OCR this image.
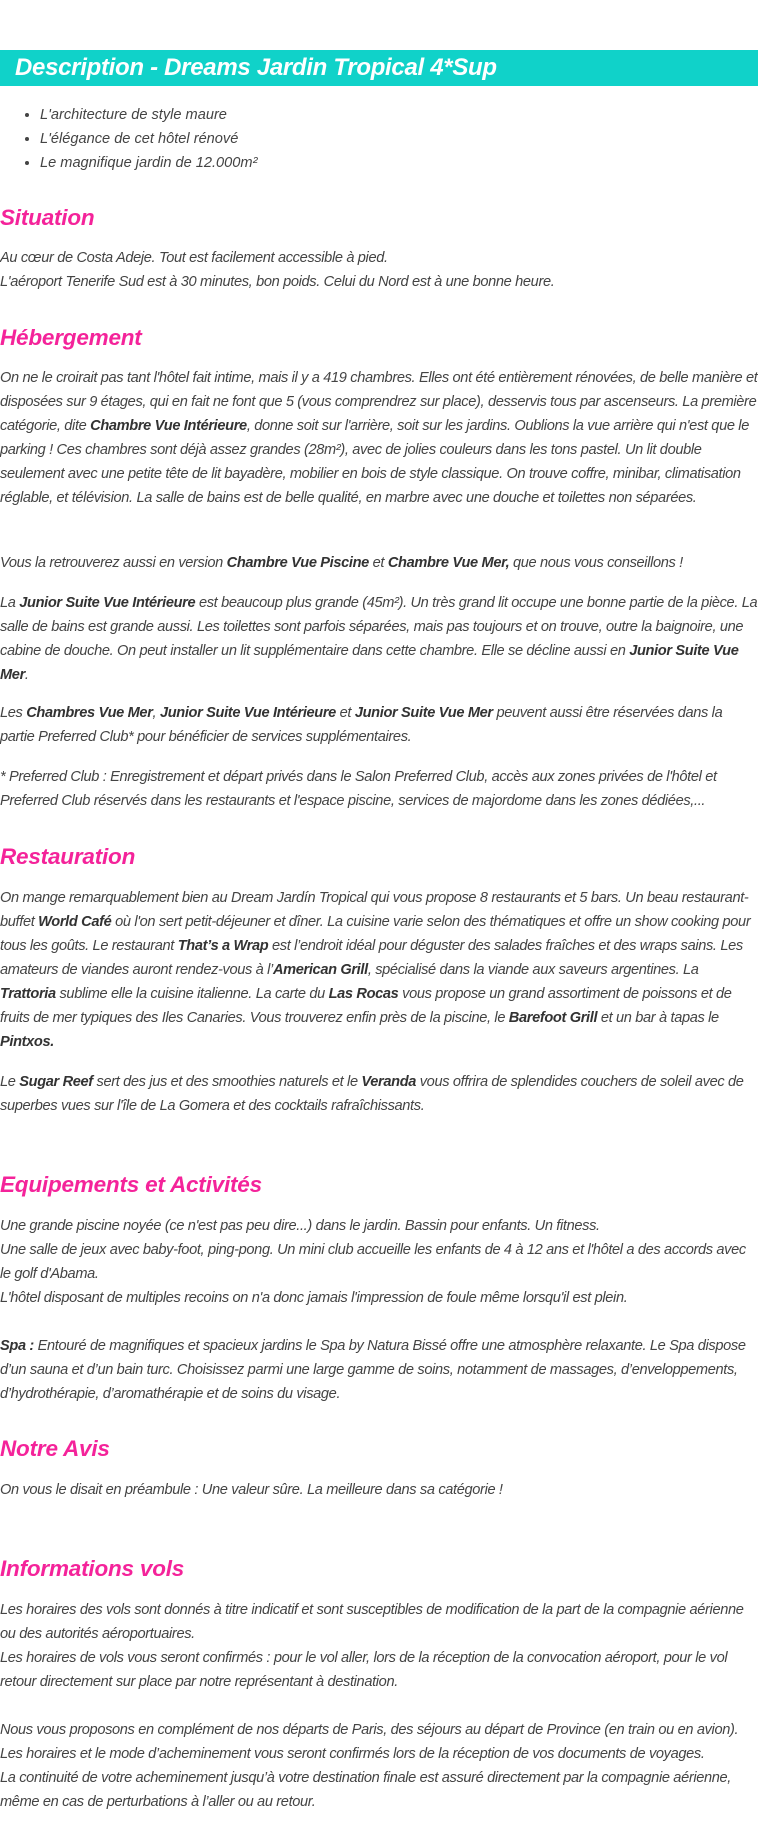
Description - Dreams Jardin Tropical 4*Sup
• L'architecture de style maure
• L'élégance de cet hôtel rénové
• Le magnifique jardin de 12.000m²
Situation

Au cœur de Costa Adeje. Tout est facilement accessible à pied.
L'aéroport Tenerife Sud est à 30 minutes, bon poids. Celui du Nord est à une bonne heure.

Hébergement

On ne le croirait pas tant l'hôtel fait intime, mais il y a 419 chambres. Elles ont été entièrement rénovées, de belle manière et disposées sur 9 étages, qui en fait ne font que 5 (vous comprendrez sur place), desservis tous par ascenseurs. La première catégorie, dite Chambre Vue Intérieure, donne soit sur l'arrière, soit sur les jardins. Oublions la vue arrière qui n'est que le parking ! Ces chambres sont déjà assez grandes (28m²), avec de jolies couleurs dans les tons pastel. Un lit double seulement avec une petite tête de lit bayadère, mobilier en bois de style classique. On trouve coffre, minibar, climatisation réglable, et télévision. La salle de bains est de belle qualité, en marbre avec une douche et toilettes non séparées.

Vous la retrouverez aussi en version Chambre Vue Piscine et Chambre Vue Mer, que nous vous conseillons !

La Junior Suite Vue Intérieure est beaucoup plus grande (45m²). Un très grand lit occupe une bonne partie de la pièce. La salle de bains est grande aussi. Les toilettes sont parfois séparées, mais pas toujours et on trouve, outre la baignoire, une cabine de douche. On peut installer un lit supplémentaire dans cette chambre. Elle se décline aussi en Junior Suite Vue Mer.

Les Chambres Vue Mer, Junior Suite Vue Intérieure et Junior Suite Vue Mer peuvent aussi être réservées dans la partie Preferred Club* pour bénéficier de services supplémentaires.

* Preferred Club : Enregistrement et départ privés dans le Salon Preferred Club, accès aux zones privées de l'hôtel et Preferred Club réservés dans les restaurants et l'espace piscine, services de majordome dans les zones dédiées,...

Restauration

On mange remarquablement bien au Dream Jardín Tropical qui vous propose 8 restaurants et 5 bars. Un beau restaurant-buffet World Café où l'on sert petit-déjeuner et dîner. La cuisine varie selon des thématiques et offre un show cooking pour tous les goûts. Le restaurant That’s a Wrap est l’endroit idéal pour déguster des salades fraîches et des wraps sains. Les amateurs de viandes auront rendez-vous à l’American Grill, spécialisé dans la viande aux saveurs argentines. La Trattoria sublime elle la cuisine italienne. La carte du Las Rocas vous propose un grand assortiment de poissons et de fruits de mer typiques des Iles Canaries. Vous trouverez enfin près de la piscine, le Barefoot Grill et un bar à tapas le Pintxos.

Le Sugar Reef sert des jus et des smoothies naturels et le Veranda vous offrira de splendides couchers de soleil avec de superbes vues sur l'île de La Gomera et des cocktails rafraîchissants.

Equipements et Activités

Une grande piscine noyée (ce n'est pas peu dire...) dans le jardin. Bassin pour enfants. Un fitness.
Une salle de jeux avec baby-foot, ping-pong. Un mini club accueille les enfants de 4 à 12 ans et l'hôtel a des accords avec le golf d'Abama.
L'hôtel disposant de multiples recoins on n'a donc jamais l'impression de foule même lorsqu'il est plein.

Spa : Entouré de magnifiques et spacieux jardins le Spa by Natura Bissé offre une atmosphère relaxante. Le Spa dispose d’un sauna et d’un bain turc. Choisissez parmi une large gamme de soins, notamment de massages, d’enveloppements, d’hydrothérapie, d’aromathérapie et de soins du visage.

Notre Avis

On vous le disait en préambule : Une valeur sûre. La meilleure dans sa catégorie !

Informations vols

Les horaires des vols sont donnés à titre indicatif et sont susceptibles de modification de la part de la compagnie aérienne ou des autorités aéroportuaires.
Les horaires de vols vous seront confirmés : pour le vol aller, lors de la réception de la convocation aéroport, pour le vol retour directement sur place par notre représentant à destination.

Nous vous proposons en complément de nos départs de Paris, des séjours au départ de Province (en train ou en avion).
Les horaires et le mode d’acheminement vous seront confirmés lors de la réception de vos documents de voyages.
La continuité de votre acheminement jusqu’à votre destination finale est assuré directement par la compagnie aérienne, même en cas de perturbations à l’aller ou au retour.
